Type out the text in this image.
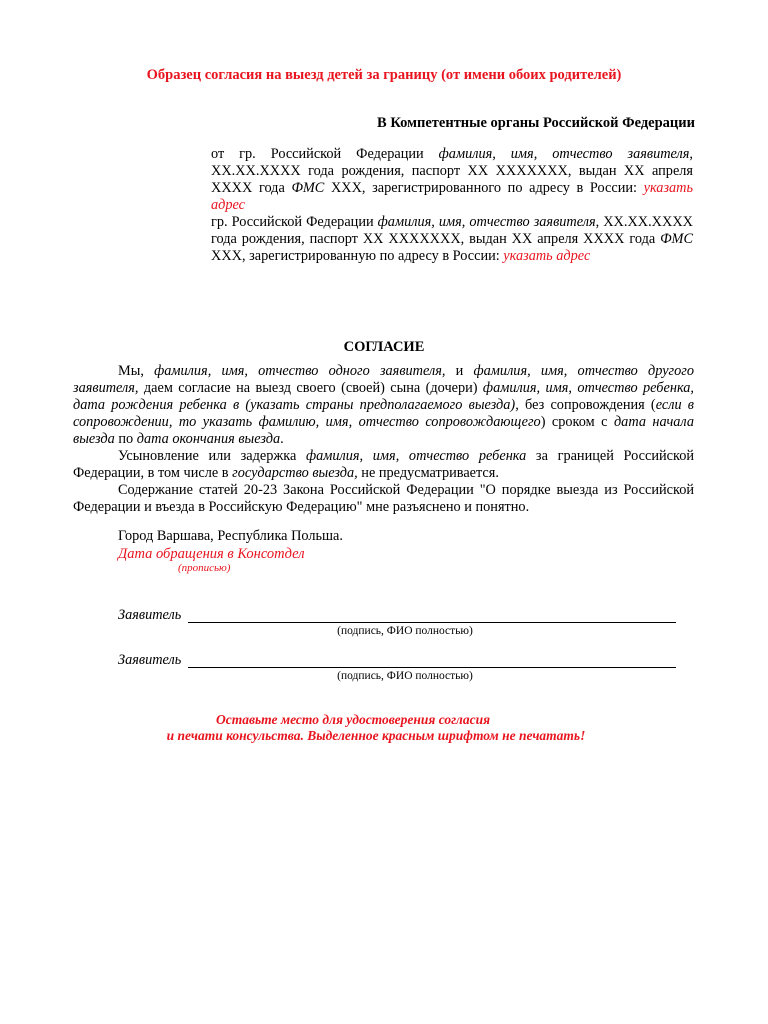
Образец согласия на выезд детей за границу (от имени обоих родителей)
В Компетентные органы Российской Федерации

от гр. Российской Федерации фамилия, имя, отчество заявителя, XX.XX.XXXX года рождения, паспорт XX XXXXXXX, выдан XX апреля XXXX года ФМС XXX, зарегистрированного по адресу в России: указать адрес

гр. Российской Федерации фамилия, имя, отчество заявителя, XX.XX.XXXX года рождения, паспорт XX XXXXXXX, выдан XX апреля XXXX года ФМС XXX, зарегистрированную по адресу в России: указать адрес

СОГЛАСИЕ

Мы, фамилия, имя, отчество одного заявителя, и фамилия, имя, отчество другого заявителя, даем согласие на выезд своего (своей) сына (дочери) фамилия, имя, отчество ребенка, дата рождения ребенка в (указать страны предполагаемого выезда), без сопровождения (если в сопровождении, то указать фамилию, имя, отчество сопровождающего) сроком с дата начала выезда по дата окончания выезда.

Усыновление или задержка фамилия, имя, отчество ребенка за границей Российской Федерации, в том числе в государство выезда, не предусматривается.

Содержание статей 20-23 Закона Российской Федерации "О порядке выезда из Российской Федерации и въезда в Российскую Федерацию" мне разъяснено и понятно.

Город Варшава, Республика Польша.
Дата обращения в Консотдел
(прописью)
Заявитель
(подпись, ФИО полностью)
Заявитель
(подпись, ФИО полностью)
Оставьте место для удостоверения согласия
и печати консульства. Выделенное красным шрифтом не печатать!
